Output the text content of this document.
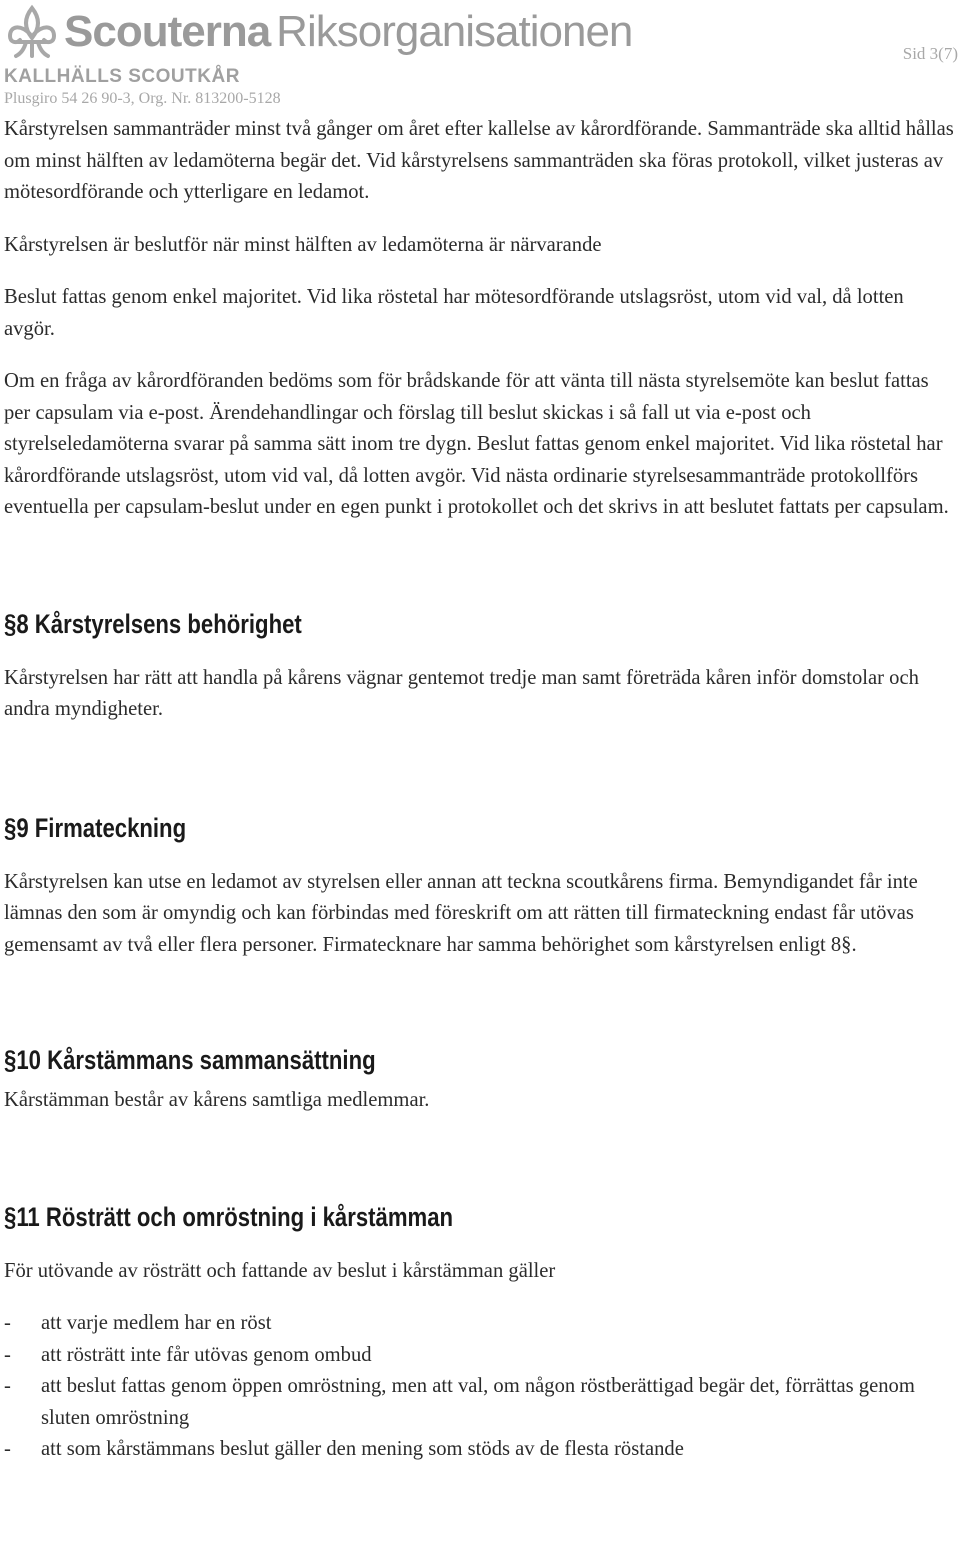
Scouterna Riksorganisationen
KALLHÄLLS SCOUTKÅR
Plusgiro 54 26 90-3, Org. Nr. 813200-5128
Sid 3(7)

Kårstyrelsen sammanträder minst två gånger om året efter kallelse av kårordförande. Sammanträde ska alltid hållas om minst hälften av ledamöterna begär det. Vid kårstyrelsens sammanträden ska föras protokoll, vilket justeras av mötesordförande och ytterligare en ledamot.

Kårstyrelsen är beslutför när minst hälften av ledamöterna är närvarande

Beslut fattas genom enkel majoritet. Vid lika röstetal har mötesordförande utslagsröst, utom vid val, då lotten avgör.

Om en fråga av kårordföranden bedöms som för brådskande för att vänta till nästa styrelsemöte kan beslut fattas per capsulam via e-post. Ärendehandlingar och förslag till beslut skickas i så fall ut via e-post och styrelseledamöterna svarar på samma sätt inom tre dygn. Beslut fattas genom enkel majoritet. Vid lika röstetal har kårordförande utslagsröst, utom vid val, då lotten avgör. Vid nästa ordinarie styrelsesammanträde protokollförs eventuella per capsulam-beslut under en egen punkt i protokollet och det skrivs in att beslutet fattats per capsulam.

§8 Kårstyrelsens behörighet

Kårstyrelsen har rätt att handla på kårens vägnar gentemot tredje man samt företräda kåren inför domstolar och andra myndigheter.

§9 Firmateckning

Kårstyrelsen kan utse en ledamot av styrelsen eller annan att teckna scoutkårens firma. Bemyndigandet får inte lämnas den som är omyndig och kan förbindas med föreskrift om att rätten till firmateckning endast får utövas gemensamt av två eller flera personer. Firmatecknare har samma behörighet som kårstyrelsen enligt 8§.

§10 Kårstämmans sammansättning

Kårstämman består av kårens samtliga medlemmar.

§11 Rösträtt och omröstning i kårstämman

För utövande av rösträtt och fattande av beslut i kårstämman gäller

- att varje medlem har en röst
- att rösträtt inte får utövas genom ombud
- att beslut fattas genom öppen omröstning, men att val, om någon röstberättigad begär det, förrättas genom sluten omröstning
- att som kårstämmans beslut gäller den mening som stöds av de flesta röstande
